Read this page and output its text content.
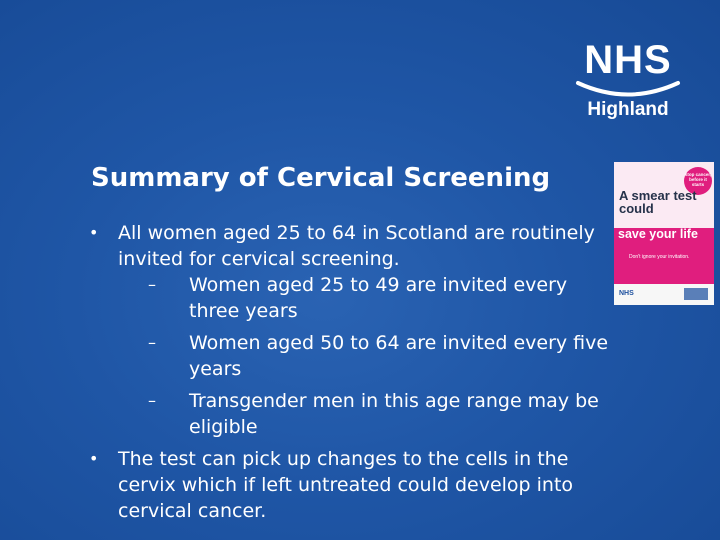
NHS
Highland
Summary of Cervical Screening
• All women aged 25 to 64 in Scotland are routinely invited for cervical screening.
– Women aged 25 to 49 are invited every three years
– Women aged 50 to 64 are invited every five years
– Transgender men in this age range may be eligible
• The test can pick up changes to the cells in the cervix which if left untreated could develop into cervical cancer.
stop cancer, before it starts
A smear test could
save your life
Don't ignore your invitation.
NHS
